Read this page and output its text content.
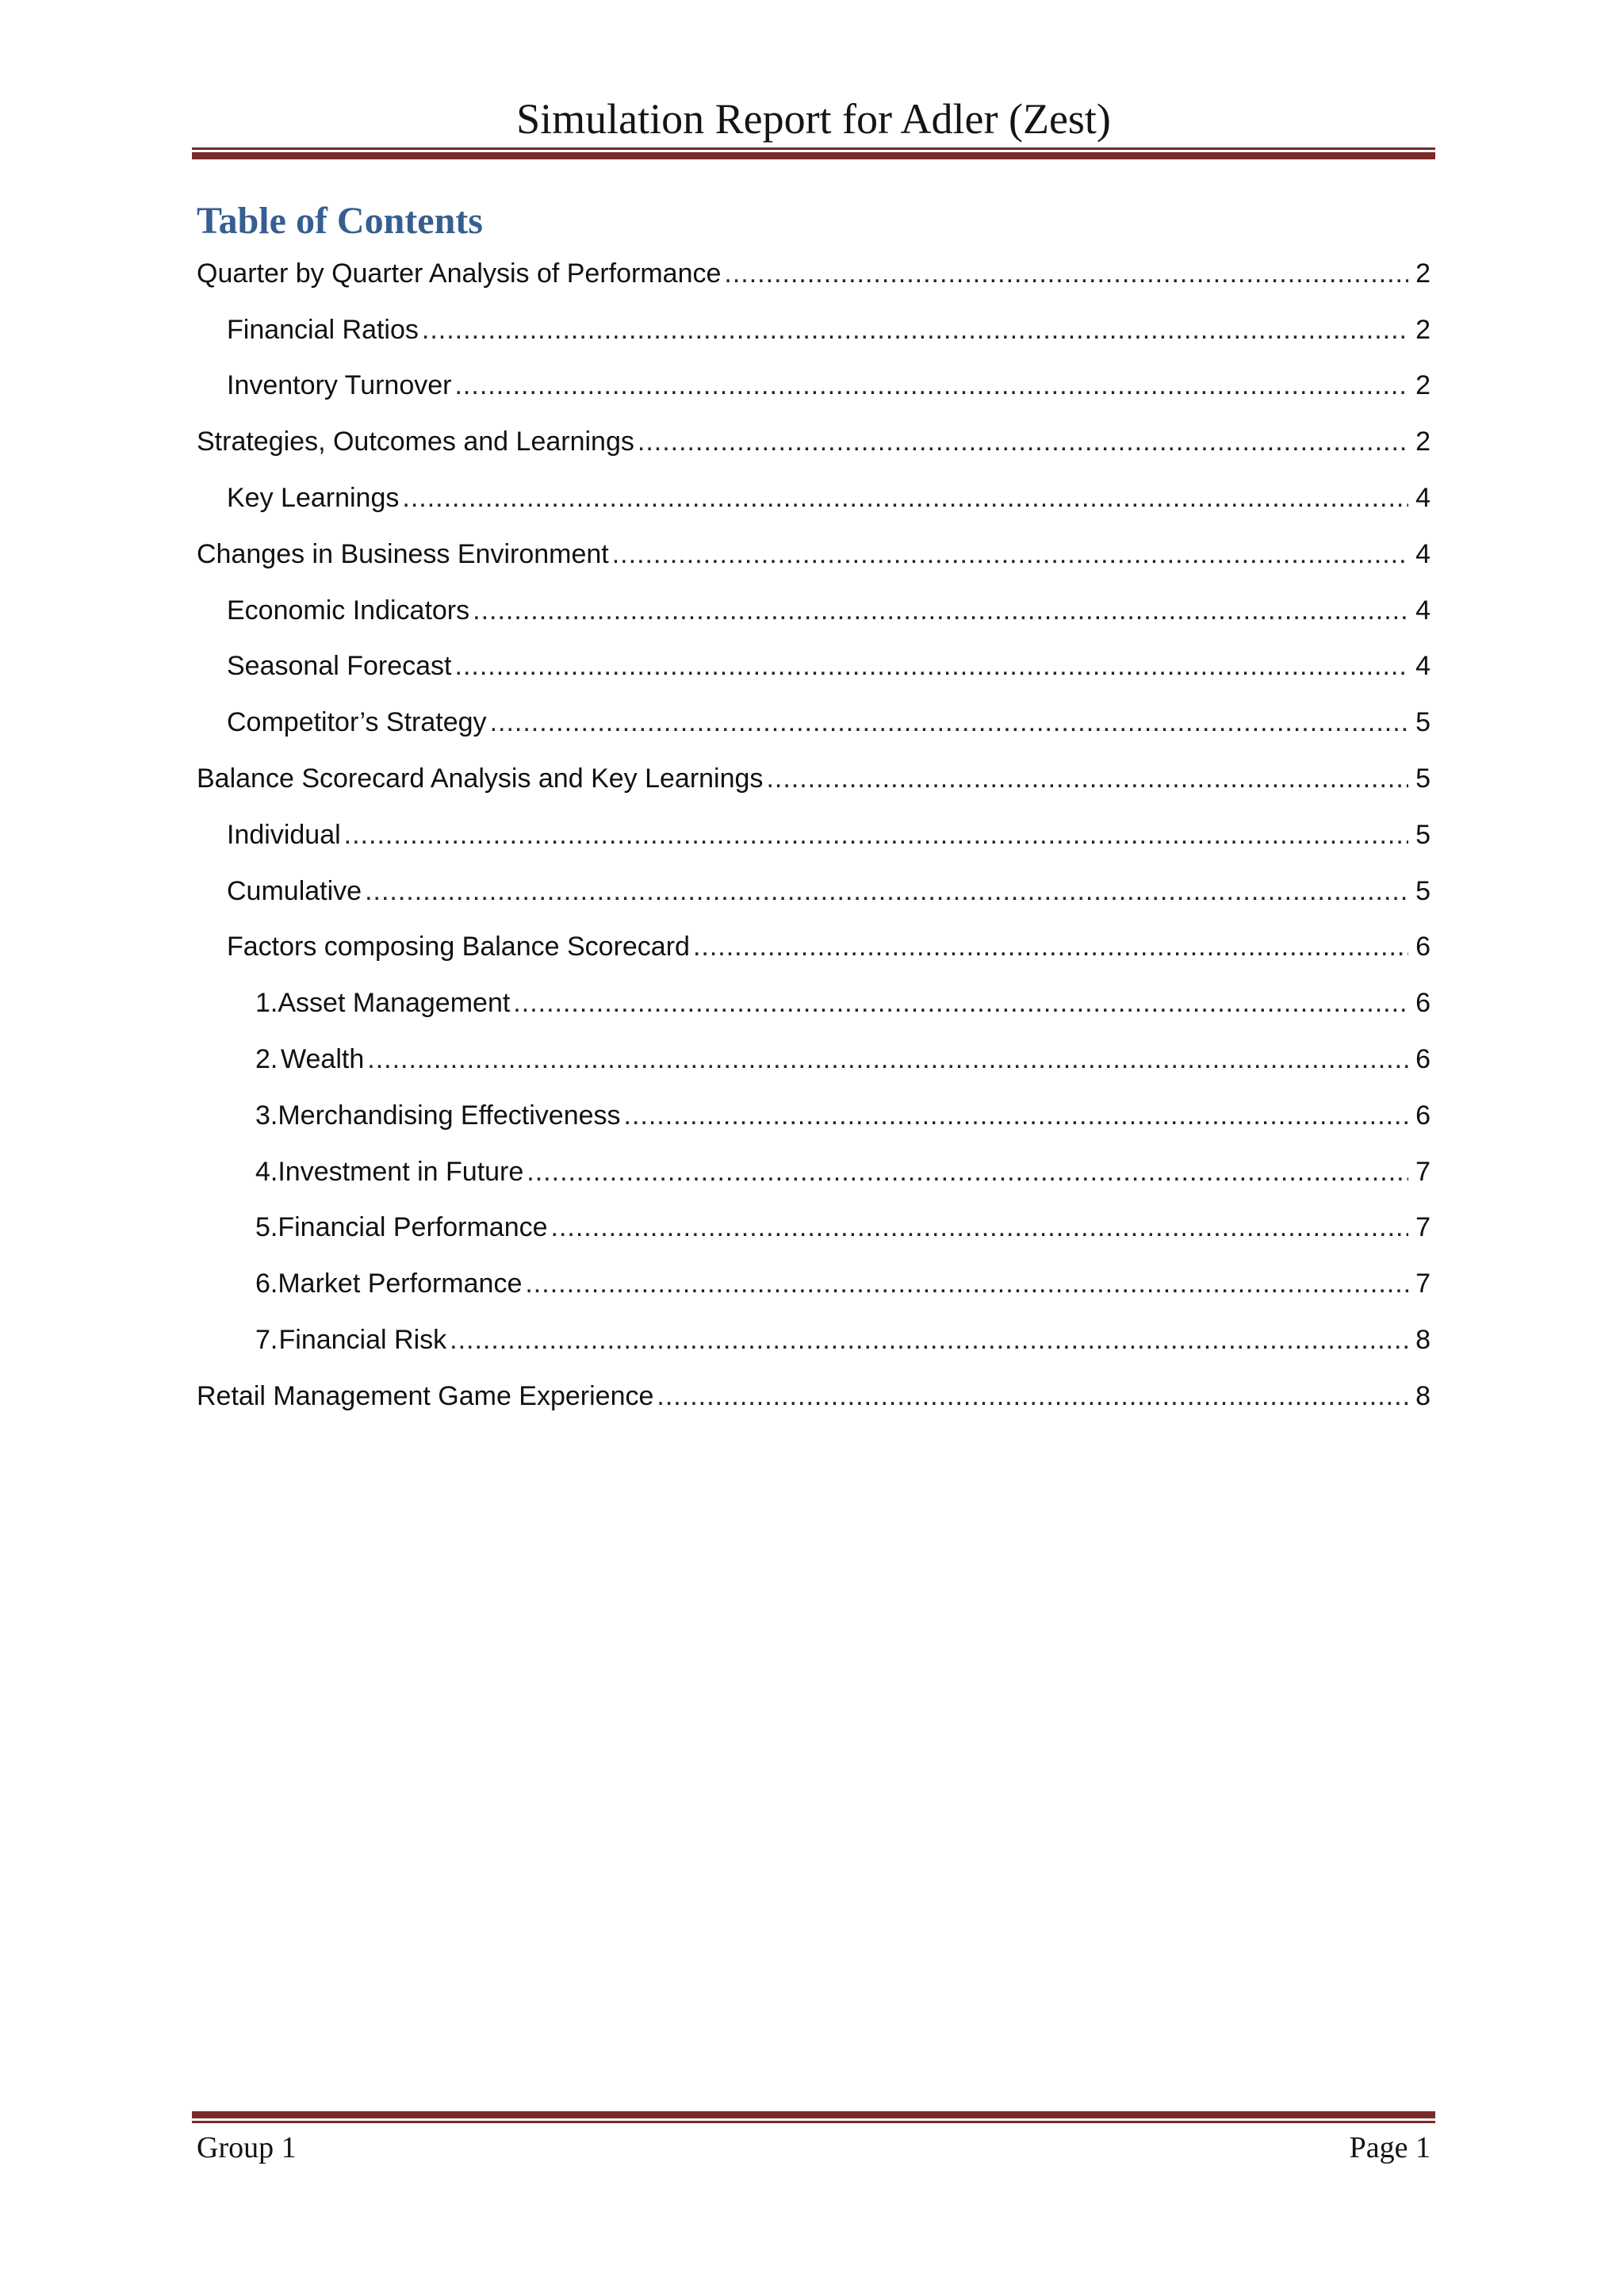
Simulation Report for Adler (Zest)
Table of Contents
Quarter by Quarter Analysis of Performance .....	2
Financial Ratios .....	2
Inventory Turnover .....	2
Strategies, Outcomes and Learnings .....	2
Key Learnings .....	4
Changes in Business Environment .....	4
Economic Indicators .....	4
Seasonal Forecast .....	4
Competitor’s Strategy .....	5
Balance Scorecard Analysis and Key Learnings .....	5
Individual .....	5
Cumulative .....	5
Factors composing Balance Scorecard .....	6
1. Asset Management .....	6
2. Wealth .....	6
3. Merchandising Effectiveness .....	6
4. Investment in Future .....	7
5. Financial Performance .....	7
6. Market Performance .....	7
7. Financial Risk .....	8
Retail Management Game Experience .....	8
Group 1	Page 1
